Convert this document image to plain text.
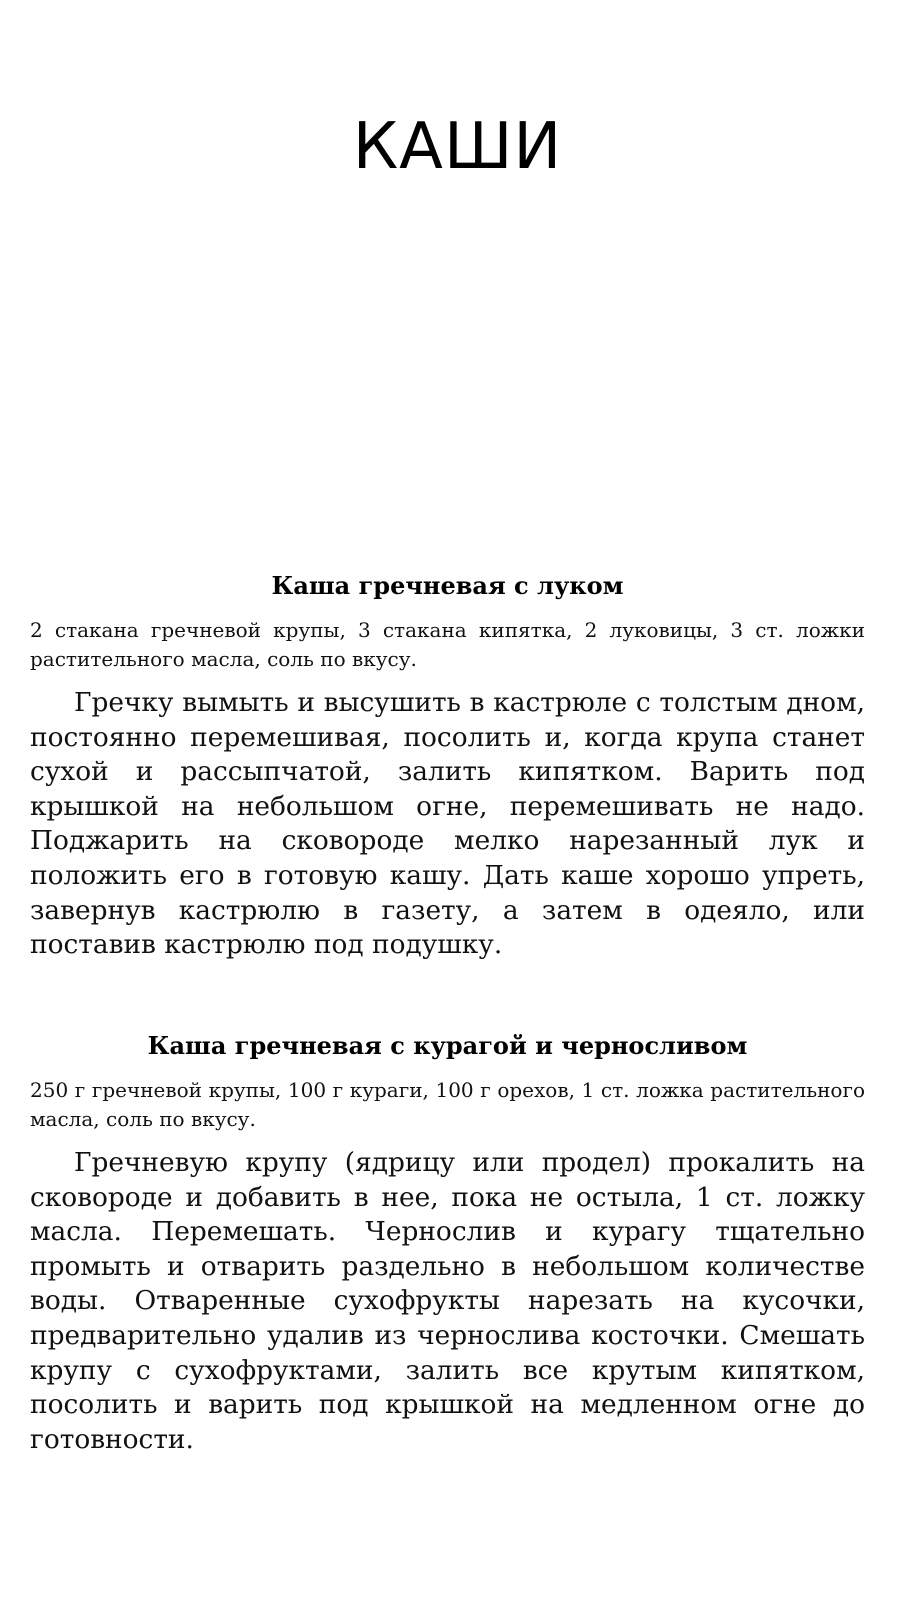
КАШИ
Каша гречневая с луком

2 стакана гречневой крупы, 3 стакана кипятка, 2 луковицы, 3 ст. ложки растительного масла, соль по вкусу.

Гречку вымыть и высушить в кастрюле с толстым дном, постоянно перемешивая, посолить и, когда крупа станет сухой и рассыпчатой, залить кипятком. Варить под крышкой на небольшом огне, перемешивать не надо. Поджарить на сковороде мелко нарезанный лук и положить его в готовую кашу. Дать каше хорошо упреть, завернув кастрюлю в газету, а затем в одеяло, или поставив кастрюлю под подушку.

Каша гречневая с курагой и черносливом

250 г гречневой крупы, 100 г кураги, 100 г орехов, 1 ст. ложка растительного масла, соль по вкусу.

Гречневую крупу (ядрицу или продел) прокалить на сковороде и добавить в нее, пока не остыла, 1 ст. ложку масла. Перемешать. Чернослив и курагу тщательно промыть и отварить раздельно в небольшом количестве воды. Отваренные сухофрукты нарезать на кусочки, предварительно удалив из чернослива косточки. Смешать крупу с сухофруктами, залить все крутым кипятком, посолить и варить под крышкой на медленном огне до готовности.
